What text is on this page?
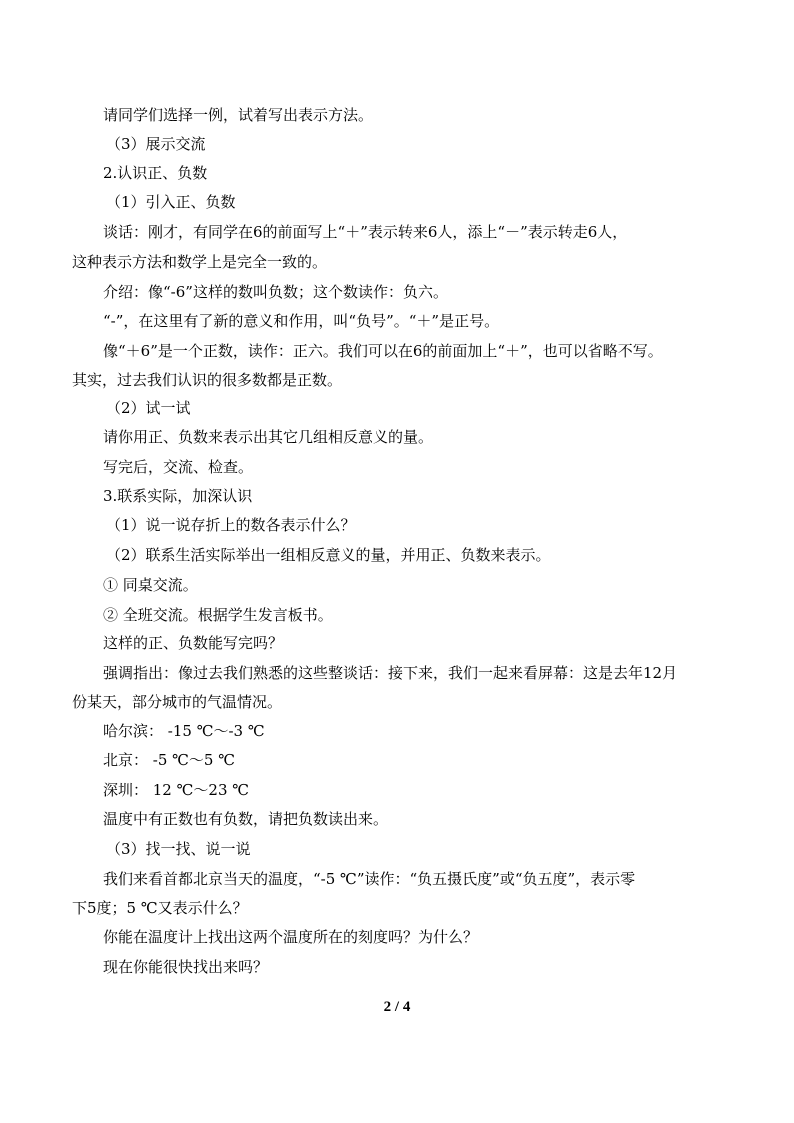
请同学们选择一例，试着写出表示方法。
（3）展示交流
2.认识正、负数
（1）引入正、负数
谈话：刚才，有同学在6的前面写上“＋”表示转来6人，添上“－”表示转走6人，
这种表示方法和数学上是完全一致的。
介绍：像“-6”这样的数叫负数；这个数读作：负六。
“-”，在这里有了新的意义和作用，叫“负号”。“＋”是正号。
像“＋6”是一个正数，读作：正六。我们可以在6的前面加上“＋”，也可以省略不写。
其实，过去我们认识的很多数都是正数。
（2）试一试
请你用正、负数来表示出其它几组相反意义的量。
写完后，交流、检查。
3.联系实际，加深认识
（1）说一说存折上的数各表示什么？
（2）联系生活实际举出一组相反意义的量，并用正、负数来表示。
① 同桌交流。
② 全班交流。根据学生发言板书。
这样的正、负数能写完吗？
强调指出：像过去我们熟悉的这些整谈话：接下来，我们一起来看屏幕：这是去年12月
份某天，部分城市的气温情况。
哈尔滨： -15 ℃～-3 ℃
北京： -5 ℃～5 ℃
深圳： 12 ℃～23 ℃
温度中有正数也有负数，请把负数读出来。
（3）找一找、说一说
我们来看首都北京当天的温度，“-5 ℃”读作：“负五摄氏度”或“负五度”，表示零
下5度；5 ℃又表示什么？
你能在温度计上找出这两个温度所在的刻度吗？为什么？
现在你能很快找出来吗？
2 / 4
